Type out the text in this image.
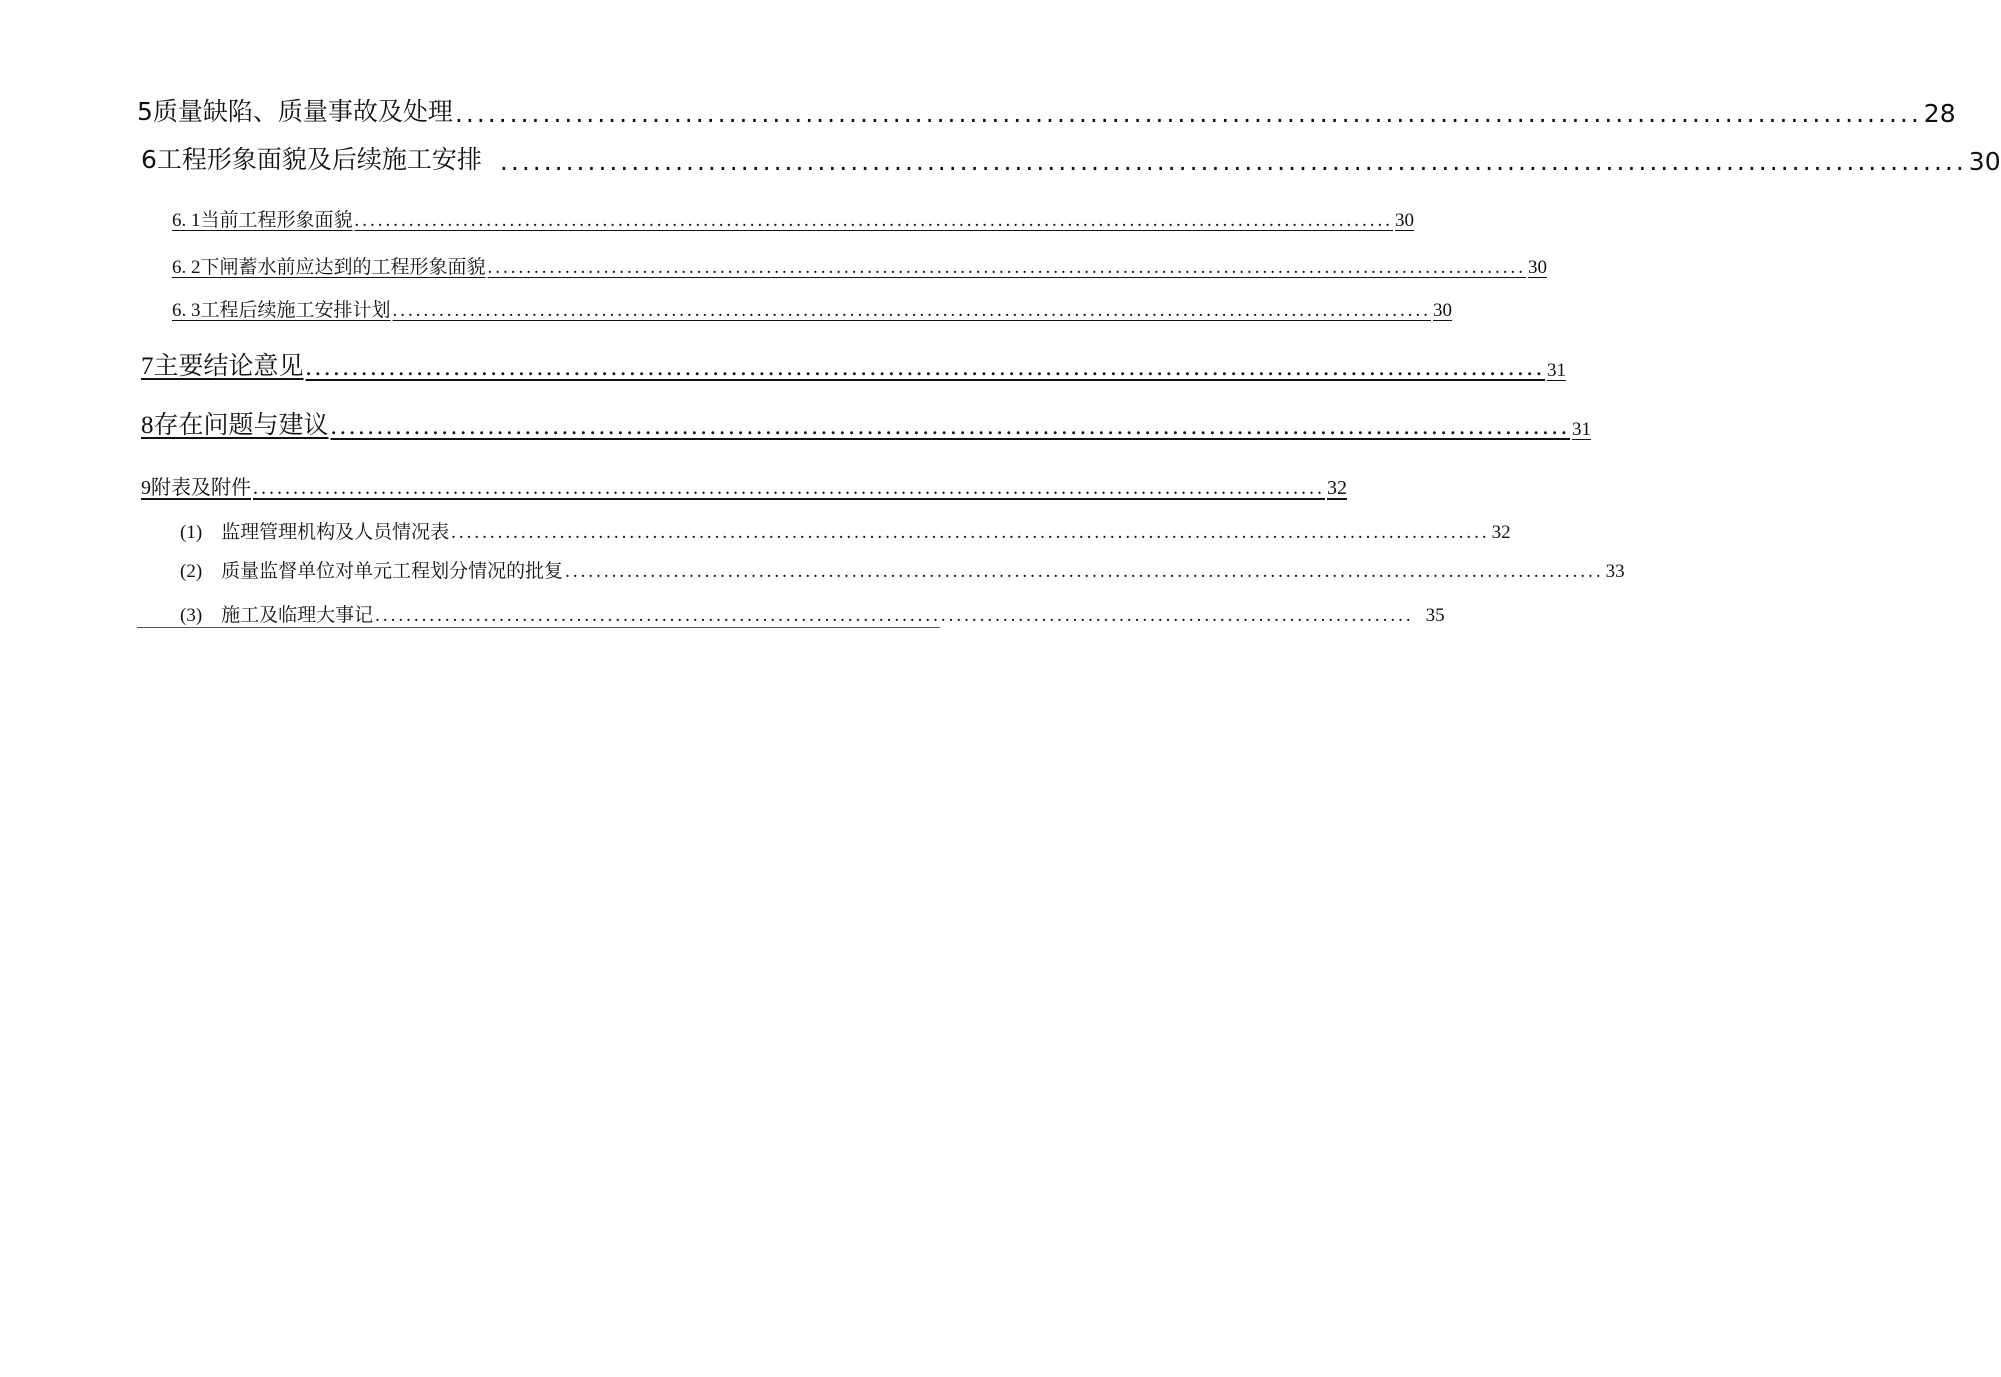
5质量缺陷、质量事故及处理 ...................................................................................................................................... 28
6工程形象面貌及后续施工安排 ...................................................................................................................................... 30
6. 1当前工程形象面貌 ...................................................................................................................................... 30
6. 2下闸蓄水前应达到的工程形象面貌 ...................................................................................................................................... 30
6. 3工程后续施工安排计划 ...................................................................................................................................... 30
7主要结论意见 ...................................................................................................................................... 31
8存在问题与建议 ...................................................................................................................................... 31
9附表及附件 ...................................................................................................................................... 32
(1)　监理管理机构及人员情况表 ...................................................................................................................................... 32
(2)　质量监督单位对单元工程划分情况的批复 ...................................................................................................................................... 33
(3)　施工及临理大事记 ...................................................................................................................................... 35
